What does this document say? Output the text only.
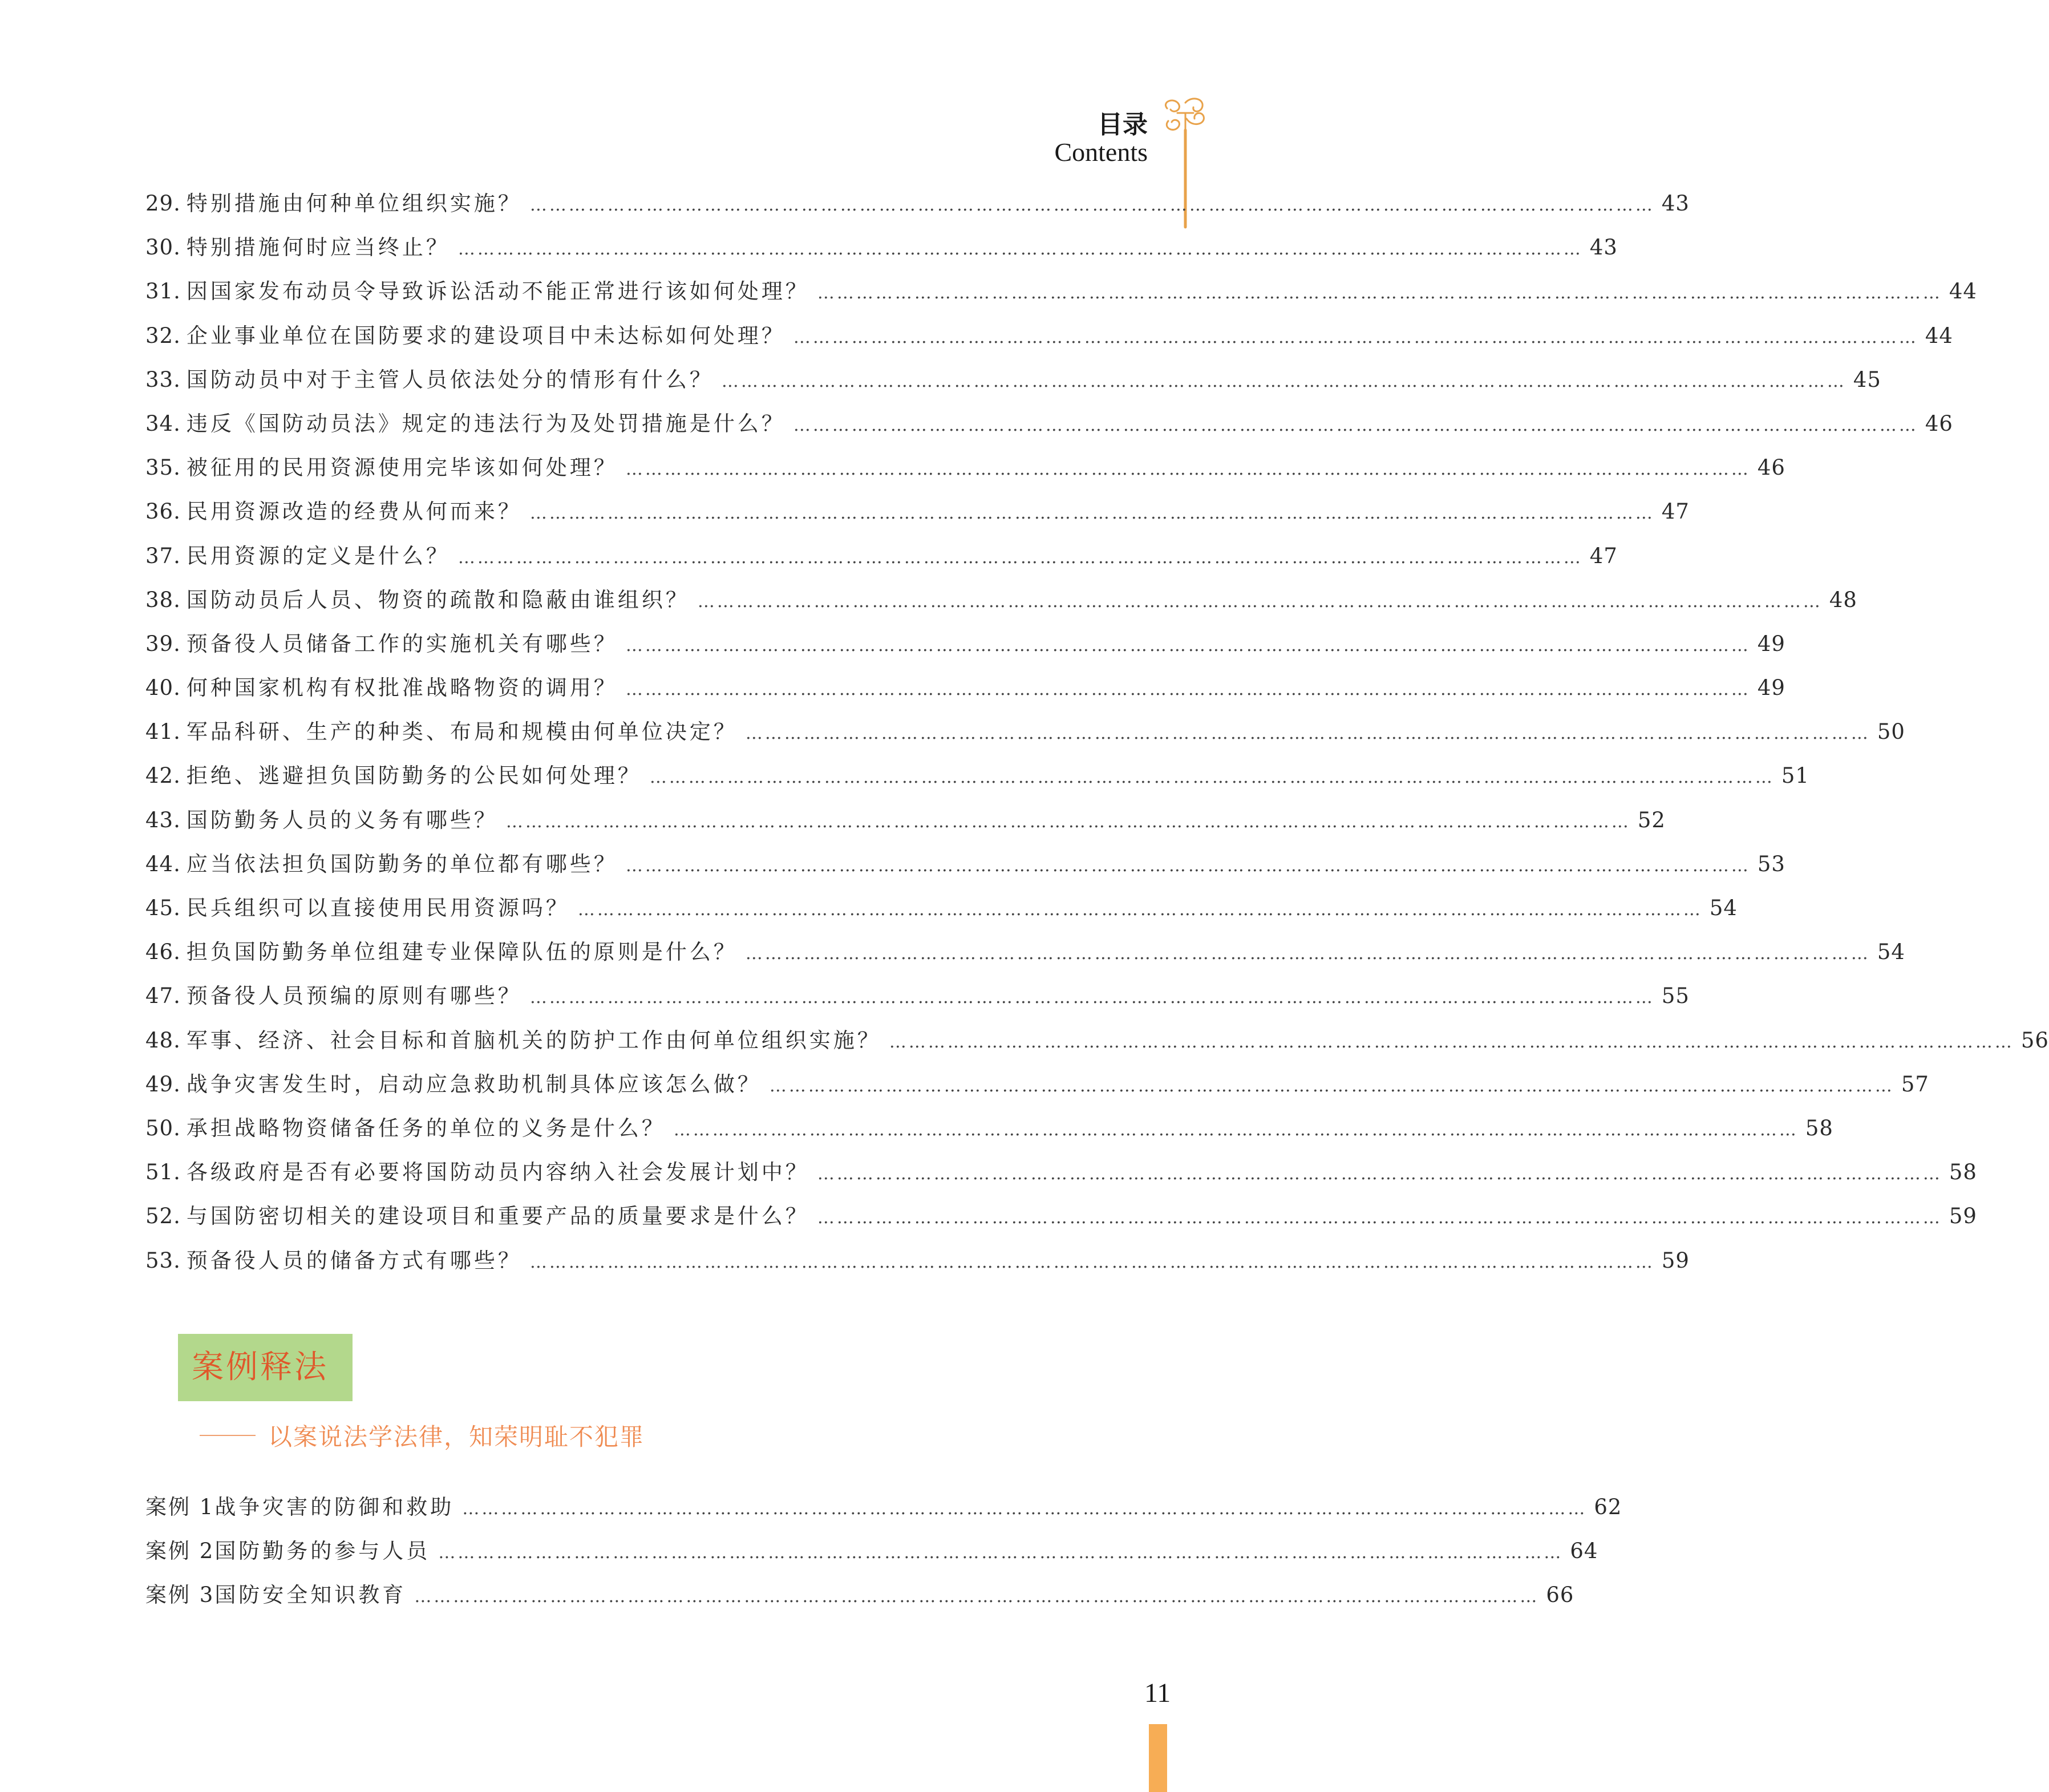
目录
Contents
29. 特别措施由何种单位组织实施？ ………………………………………………………………………………………………………………………………………………………… 43
30. 特别措施何时应当终止？ ………………………………………………………………………………………………………………………………………………………… 43
31. 因国家发布动员令导致诉讼活动不能正常进行该如何处理？ ………………………………………………………………………………………………………………………………………………………… 44
32. 企业事业单位在国防要求的建设项目中未达标如何处理？ ………………………………………………………………………………………………………………………………………………………… 44
33. 国防动员中对于主管人员依法处分的情形有什么？ ………………………………………………………………………………………………………………………………………………………… 45
34. 违反《国防动员法》规定的违法行为及处罚措施是什么？ ………………………………………………………………………………………………………………………………………………………… 46
35. 被征用的民用资源使用完毕该如何处理？ ………………………………………………………………………………………………………………………………………………………… 46
36. 民用资源改造的经费从何而来？ ………………………………………………………………………………………………………………………………………………………… 47
37. 民用资源的定义是什么？ ………………………………………………………………………………………………………………………………………………………… 47
38. 国防动员后人员、物资的疏散和隐蔽由谁组织？ ………………………………………………………………………………………………………………………………………………………… 48
39. 预备役人员储备工作的实施机关有哪些？ ………………………………………………………………………………………………………………………………………………………… 49
40. 何种国家机构有权批准战略物资的调用？ ………………………………………………………………………………………………………………………………………………………… 49
41. 军品科研、生产的种类、布局和规模由何单位决定？ ………………………………………………………………………………………………………………………………………………………… 50
42. 拒绝、逃避担负国防勤务的公民如何处理？ ………………………………………………………………………………………………………………………………………………………… 51
43. 国防勤务人员的义务有哪些？ ………………………………………………………………………………………………………………………………………………………… 52
44. 应当依法担负国防勤务的单位都有哪些？ ………………………………………………………………………………………………………………………………………………………… 53
45. 民兵组织可以直接使用民用资源吗？ ………………………………………………………………………………………………………………………………………………………… 54
46. 担负国防勤务单位组建专业保障队伍的原则是什么？ ………………………………………………………………………………………………………………………………………………………… 54
47. 预备役人员预编的原则有哪些？ ………………………………………………………………………………………………………………………………………………………… 55
48. 军事、经济、社会目标和首脑机关的防护工作由何单位组织实施？ ………………………………………………………………………………………………………………………………………………………… 56
49. 战争灾害发生时，启动应急救助机制具体应该怎么做？ ………………………………………………………………………………………………………………………………………………………… 57
50. 承担战略物资储备任务的单位的义务是什么？ ………………………………………………………………………………………………………………………………………………………… 58
51. 各级政府是否有必要将国防动员内容纳入社会发展计划中？ ………………………………………………………………………………………………………………………………………………………… 58
52. 与国防密切相关的建设项目和重要产品的质量要求是什么？ ………………………………………………………………………………………………………………………………………………………… 59
53. 预备役人员的储备方式有哪些？ ………………………………………………………………………………………………………………………………………………………… 59
案例释法
以案说法学法律，知荣明耻不犯罪
案例 1 战争灾害的防御和救助 ………………………………………………………………………………………………………………………………………………………… 62
案例 2 国防勤务的参与人员 ………………………………………………………………………………………………………………………………………………………… 64
案例 3 国防安全知识教育 ………………………………………………………………………………………………………………………………………………………… 66
11
